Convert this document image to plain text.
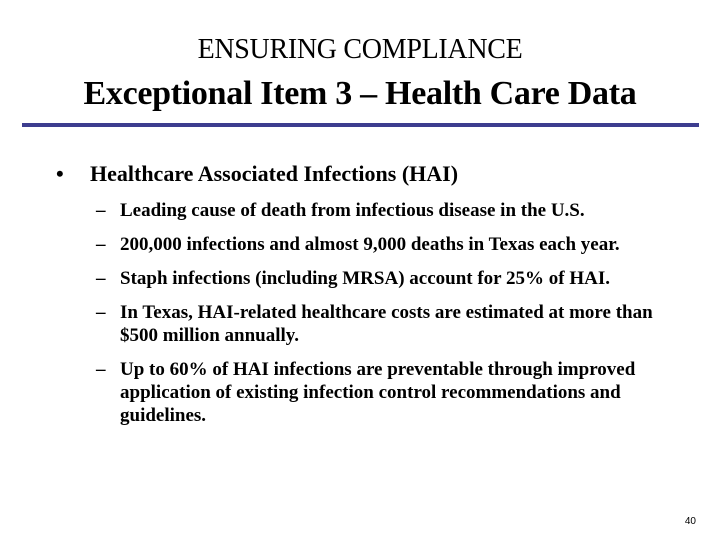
ENSURING COMPLIANCE
Exceptional Item 3 – Health Care Data
•	Healthcare Associated Infections (HAI)
– Leading cause of death from infectious disease in the U.S.
– 200,000 infections and almost 9,000 deaths in Texas each year.
– Staph infections (including MRSA) account for 25% of HAI.
– In Texas, HAI-related healthcare costs are estimated at more than $500 million annually.
– Up to 60% of HAI infections are preventable through improved application of existing infection control recommendations and guidelines.
40
